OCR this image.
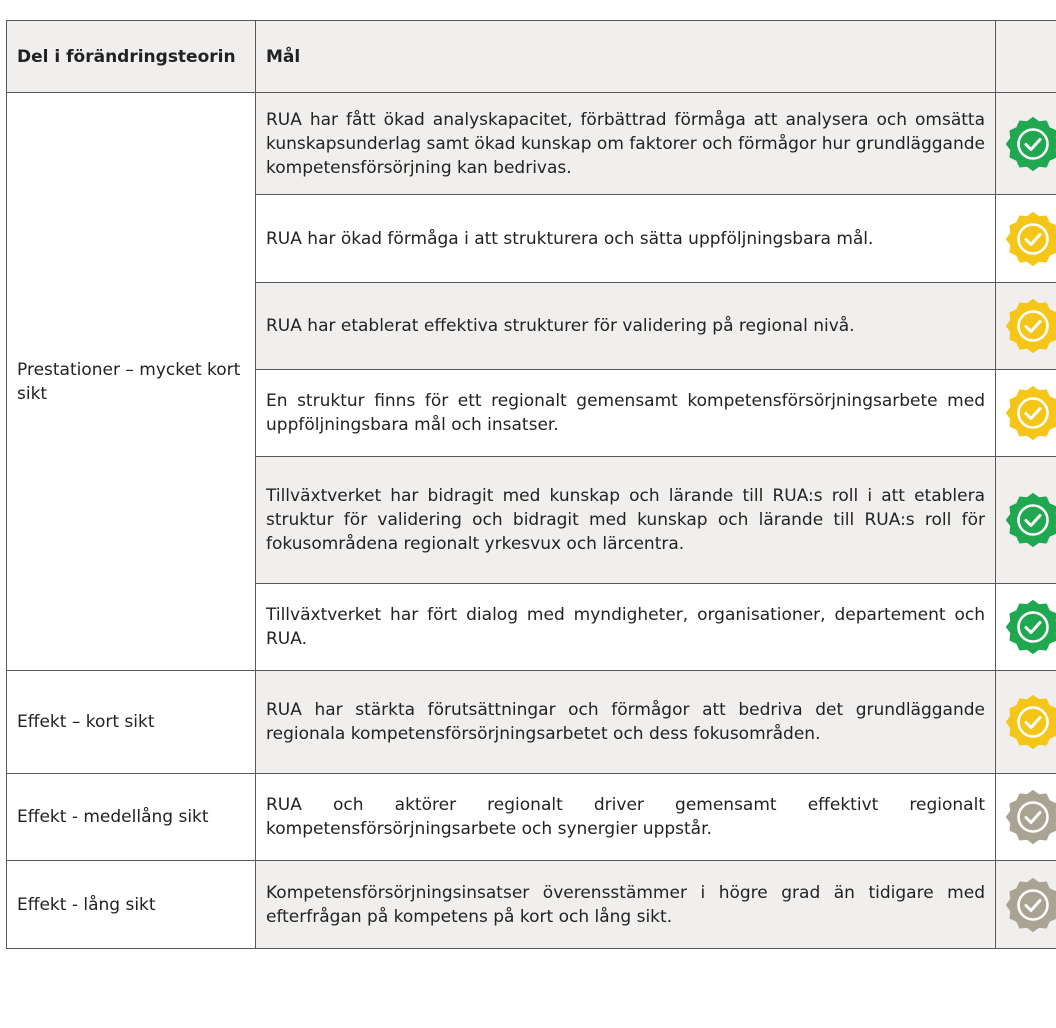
Del i förändringsteorin	Mål	
Prestationer – mycket kort sikt	RUA har fått ökad analyskapacitet, förbättrad förmåga att analysera och omsätta kunskapsunderlag samt ökad kunskap om faktorer och förmågor hur grundläggande kompetensförsörjning kan bedrivas.	

	RUA har ökad förmåga i att strukturera och sätta uppföljningsbara mål.	

	RUA har etablerat effektiva strukturer för validering på regional nivå.	

	En struktur finns för ett regionalt gemensamt kompetensförsörjningsarbete med uppföljningsbara mål och insatser.	

	Tillväxtverket har bidragit med kunskap och lärande till RUA:s roll i att etablera struktur för validering och bidragit med kunskap och lärande till RUA:s roll för fokusområdena regionalt yrkesvux och lärcentra.	

	Tillväxtverket har fört dialog med myndigheter, organisationer, departement och RUA.	

Effekt – kort sikt	RUA har stärkta förutsättningar och förmågor att bedriva det grundläggande regionala kompetensförsörjningsarbetet och dess fokusområden.	

Effekt - medellång sikt	RUA och aktörer regionalt driver gemensamt effektivt regionalt kompetensförsörjningsarbete och synergier uppstår.	

Effekt - lång sikt	Kompetensförsörjningsinsatser överensstämmer i högre grad än tidigare med efterfrågan på kompetens på kort och lång sikt.	
